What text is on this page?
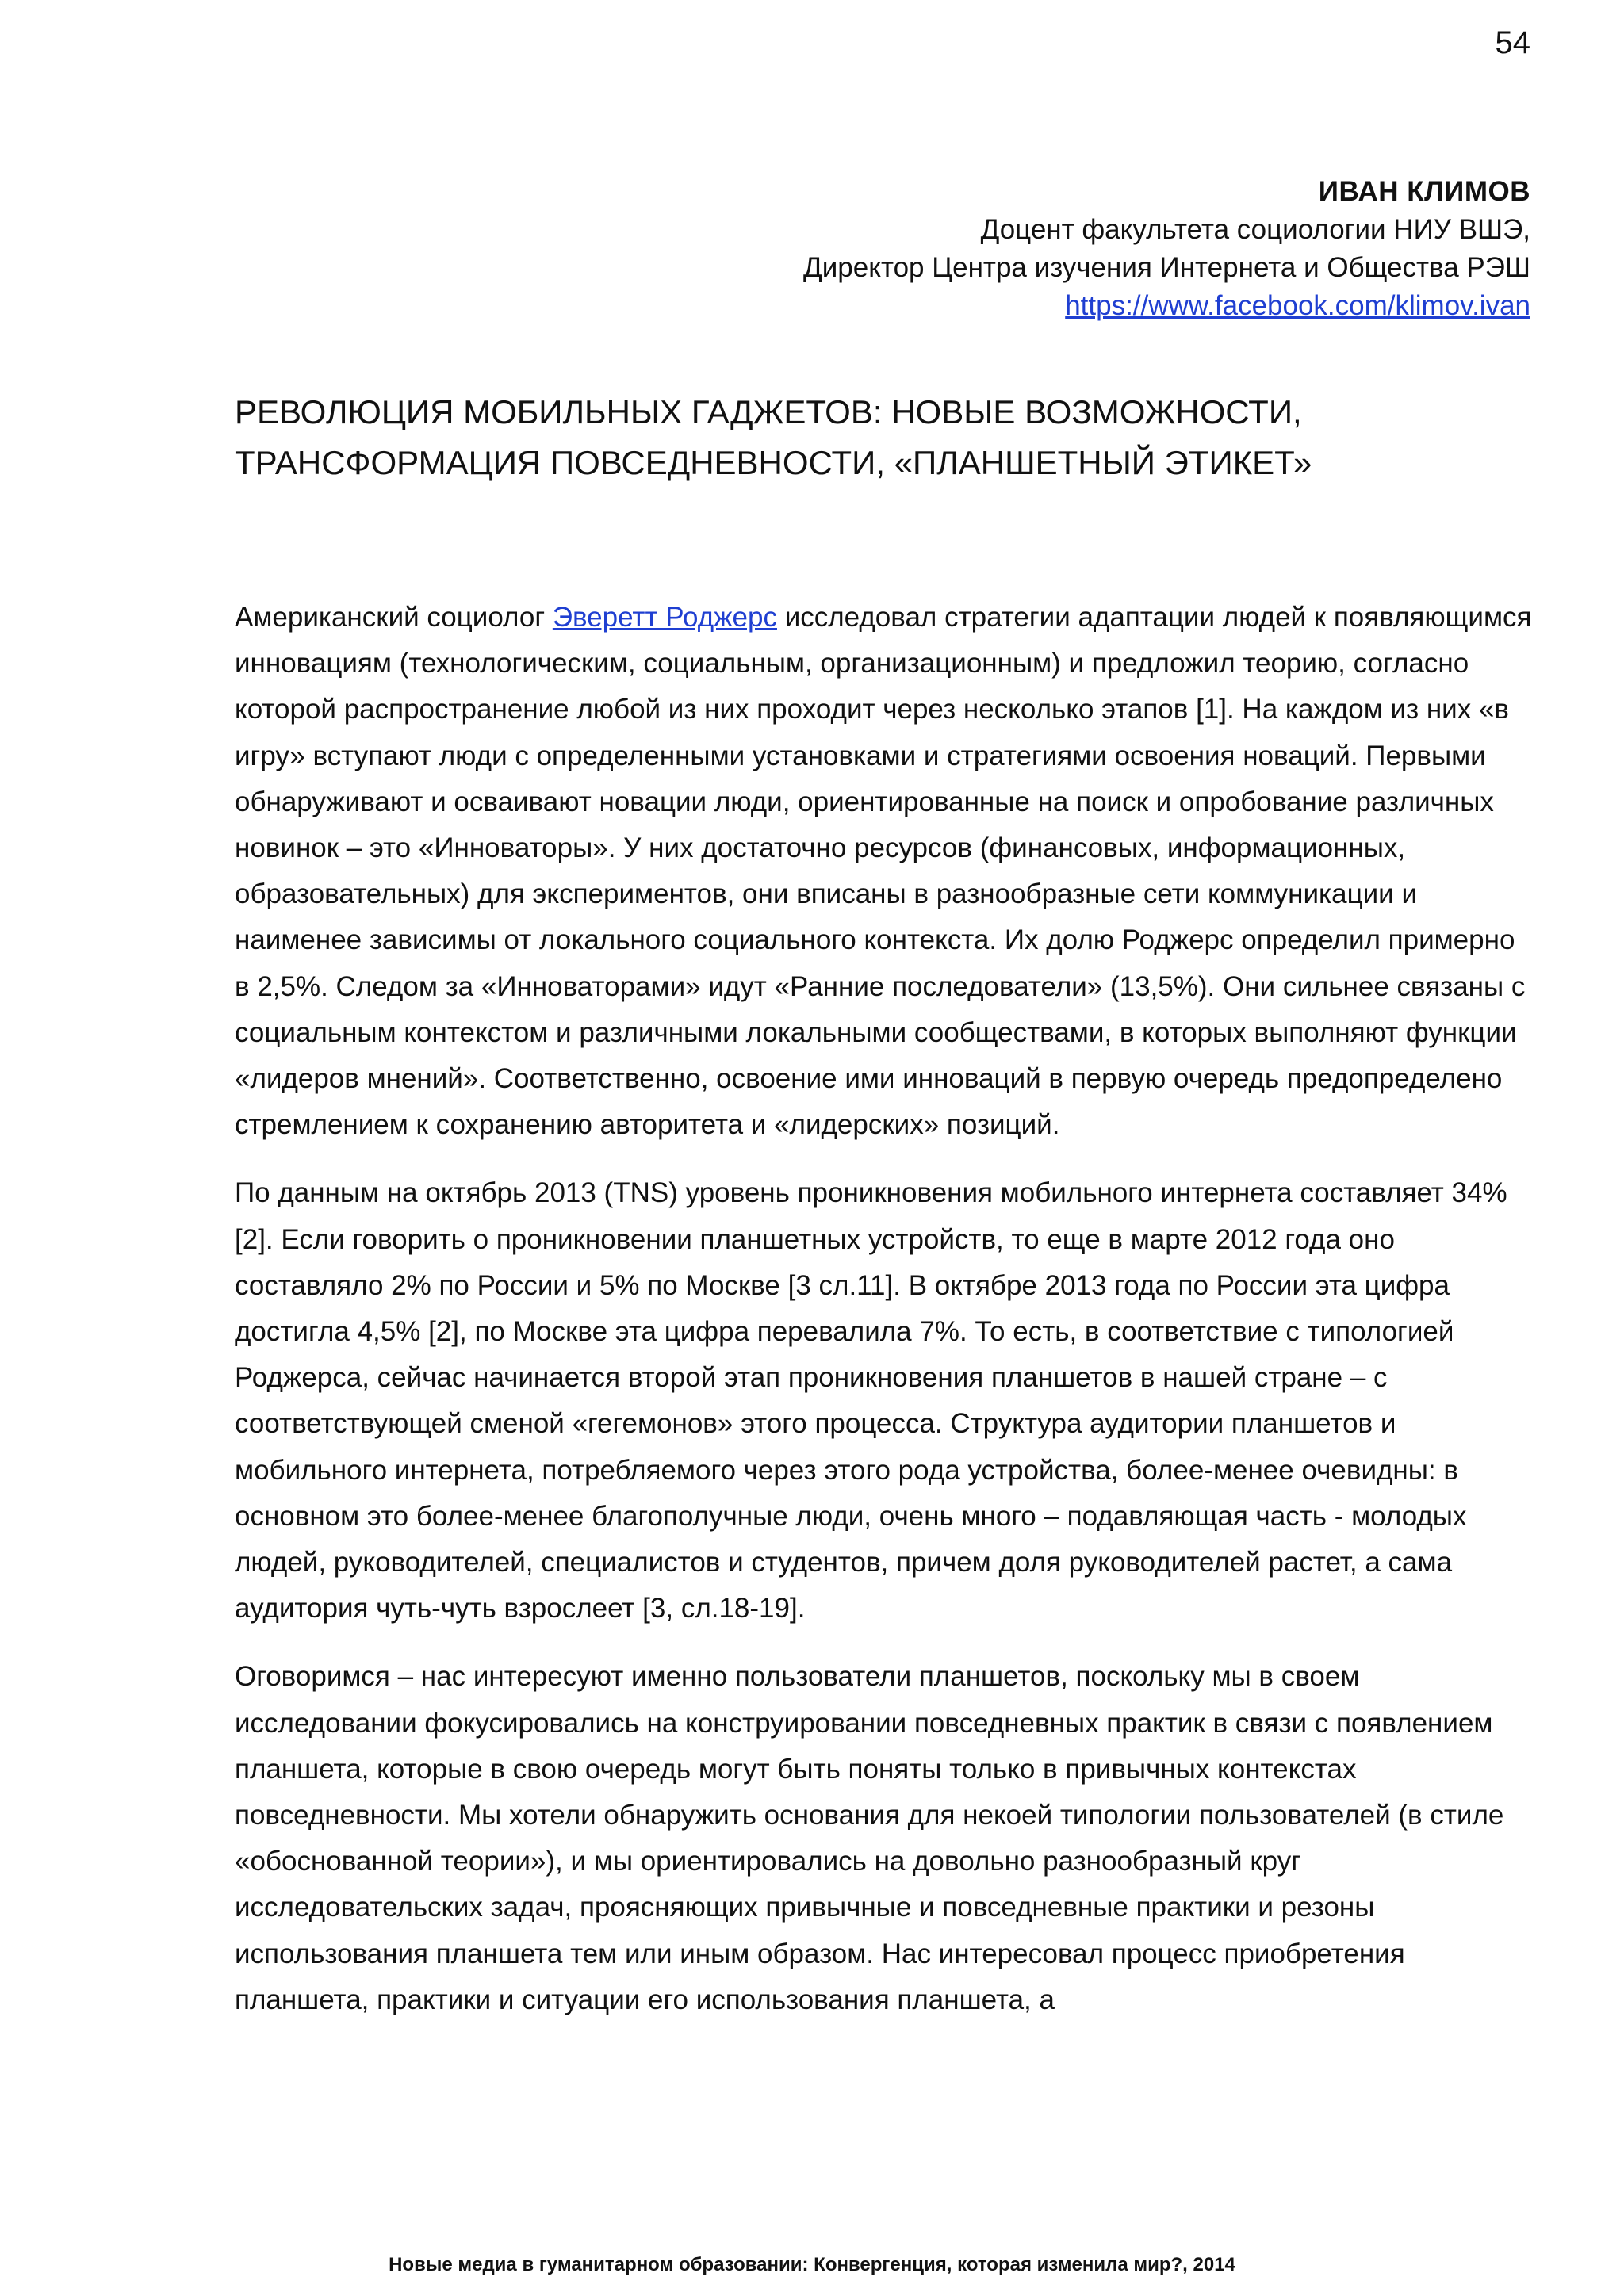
54
ИВАН КЛИМОВ
Доцент факультета социологии НИУ ВШЭ,
Директор Центра изучения Интернета и Общества РЭШ
https://www.facebook.com/klimov.ivan
РЕВОЛЮЦИЯ МОБИЛЬНЫХ ГАДЖЕТОВ: НОВЫЕ ВОЗМОЖНОСТИ,
ТРАНСФОРМАЦИЯ ПОВСЕДНЕВНОСТИ, «ПЛАНШЕТНЫЙ ЭТИКЕТ»

Американский социолог Эверетт Роджерс исследовал стратегии адаптации людей к появляющимся инновациям (технологическим, социальным, организационным) и предложил теорию, согласно которой распространение любой из них проходит через несколько этапов [1]. На каждом из них «в игру» вступают люди с определенными установками и стратегиями освоения новаций. Первыми обнаруживают и осваивают новации люди, ориентированные на поиск и опробование различных новинок – это «Инноваторы». У них достаточно ресурсов (финансовых, информационных, образовательных) для экспериментов, они вписаны в разнообразные сети коммуникации и наименее зависимы от локального социального контекста. Их долю Роджерс определил примерно в 2,5%. Следом за «Инноваторами» идут «Ранние последователи» (13,5%). Они сильнее связаны с социальным контекстом и различными локальными сообществами, в которых выполняют функции «лидеров мнений». Соответственно, освоение ими инноваций в первую очередь предопределено стремлением к сохранению авторитета и «лидерских» позиций.

По данным на октябрь 2013 (TNS) уровень проникновения мобильного интернета составляет 34% [2]. Если говорить о проникновении планшетных устройств, то еще в марте 2012 года оно составляло 2% по России и 5% по Москве [3 сл.11]. В октябре 2013 года по России эта цифра достигла 4,5% [2], по Москве эта цифра перевалила 7%. То есть, в соответствие с типологией Роджерса, сейчас начинается второй этап проникновения планшетов в нашей стране – с соответствующей сменой «гегемонов» этого процесса. Структура аудитории планшетов и мобильного интернета, потребляемого через этого рода устройства, более-менее очевидны: в основном это более-менее благополучные люди, очень много – подавляющая часть - молодых людей, руководителей, специалистов и студентов, причем доля руководителей растет, а сама аудитория чуть-чуть взрослеет [3, сл.18-19].

Оговоримся – нас интересуют именно пользователи планшетов, поскольку мы в своем исследовании фокусировались на конструировании повседневных практик в связи с появлением планшета, которые в свою очередь могут быть поняты только в привычных контекстах повседневности. Мы хотели обнаружить основания для некоей типологии пользователей (в стиле «обоснованной теории»), и мы ориентировались на довольно разнообразный круг исследовательских задач, проясняющих привычные и повседневные практики и резоны использования планшета тем или иным образом. Нас интересовал процесс приобретения планшета, практики и ситуации его использования планшета, а

Новые медиа в гуманитарном образовании: Конвергенция, которая изменила мир?, 2014
